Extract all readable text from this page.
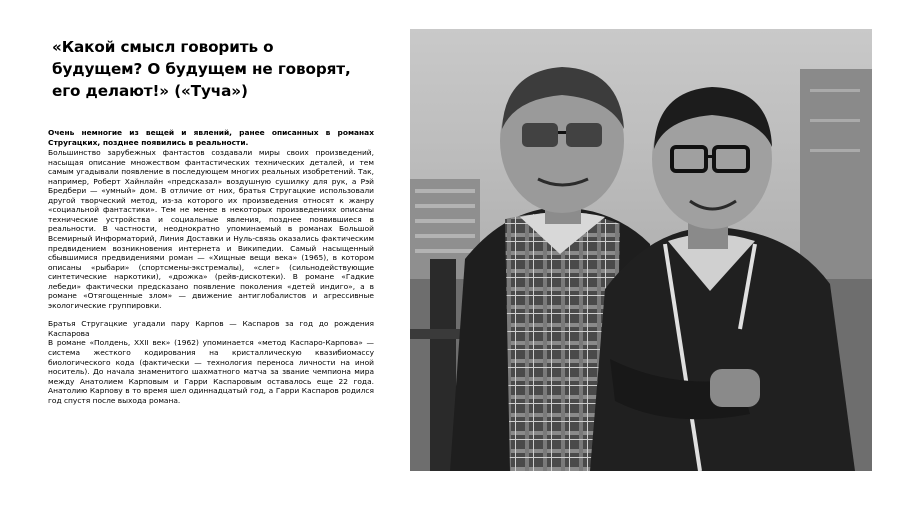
«Какой смысл говорить о
будущем? О будущем не говорят,
его делают!» («Туча»)

Очень немногие из вещей и явлений, ранее описанных в романах Стругацких, позднее появились в реальности.

Большинство зарубежных фантастов создавали миры своих произведений, насыщая описание множеством фантастических технических деталей, и тем самым угадывали появление в последующем многих реальных изобретений. Так, например, Роберт Хайнлайн «предсказал» воздушную сушилку для рук, а Рэй Бредбери — «умный» дом. В отличие от них, братья Стругацкие использовали другой творческий метод, из-за которого их произведения относят к жанру «социальной фантастики». Тем не менее в некоторых произведениях описаны технические устройства и социальные явления, позднее появившиеся в реальности. В частности, неоднократно упоминаемый в романах Большой Всемирный Информаторий, Линия Доставки и Нуль-связь оказались фактическим предвидением возникновения интернета и Википедии. Самый насыщенный сбывшимися предвидениями роман — «Хищные вещи века» (1965), в котором описаны «рыбари» (спортсмены-экстремалы), «слег» (сильнодействующие синтетические наркотики), «дрожка» (рейв-дискотеки). В романе «Гадкие лебеди» фактически предсказано появление поколения «детей индиго», а в романе «Отягощенные злом» — движение антиглобалистов и агрессивные экологические группировки.

Братья Стругацкие угадали пару Карпов — Каспаров за год до рождения Каспарова

В романе «Полдень, XXII век» (1962) упоминается «метод Каспаро-Карпова» — система жесткого кодирования на кристаллическую квазибиомассу биологического кода (фактически — технология переноса личности на иной носитель). До начала знаменитого шахматного матча за звание чемпиона мира между Анатолием Карповым и Гарри Каспаровым оставалось еще 22 года. Анатолию Карпову в то время шел одиннадцатый год, а Гарри Каспаров родился год спустя после выхода романа.
